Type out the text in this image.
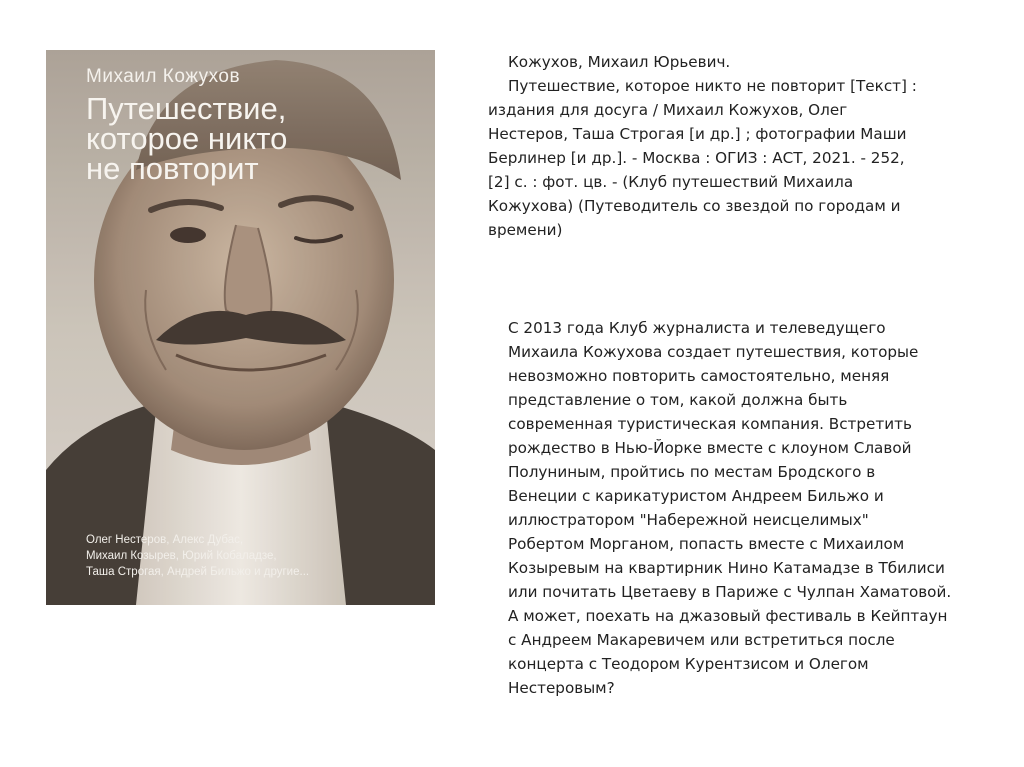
Михаил Кожухов
Путешествие,
которое никто
не повторит
Олег Нестеров, Алекс Дубас,
Михаил Козырев, Юрий Кобаладзе,
Таша Строгая, Андрей Бильжо и другие...
Кожухов, Михаил Юрьевич.
Путешествие, которое никто не повторит [Текст] :
издания для досуга / Михаил Кожухов, Олег
Нестеров, Таша Строгая [и др.] ; фотографии Маши
Берлинер [и др.]. - Москва : ОГИЗ : АСТ, 2021. - 252,
[2] с. : фот. цв. - (Клуб путешествий Михаила
Кожухова) (Путеводитель со звездой по городам и
времени)
С 2013 года Клуб журналиста и телеведущего
Михаила Кожухова создает путешествия, которые
невозможно повторить самостоятельно, меняя
представление о том, какой должна быть
современная туристическая компания. Встретить
рождество в Нью-Йорке вместе с клоуном Славой
Полуниным, пройтись по местам Бродского в
Венеции с карикатуристом Андреем Бильжо и
иллюстратором "Набережной неисцелимых"
Робертом Морганом, попасть вместе с Михаилом
Козыревым на квартирник Нино Катамадзе в Тбилиси
или почитать Цветаеву в Париже с Чулпан Хаматовой.
А может, поехать на джазовый фестиваль в Кейптаун
с Андреем Макаревичем или встретиться после
концерта с Теодором Курентзисом и Олегом
Нестеровым?
